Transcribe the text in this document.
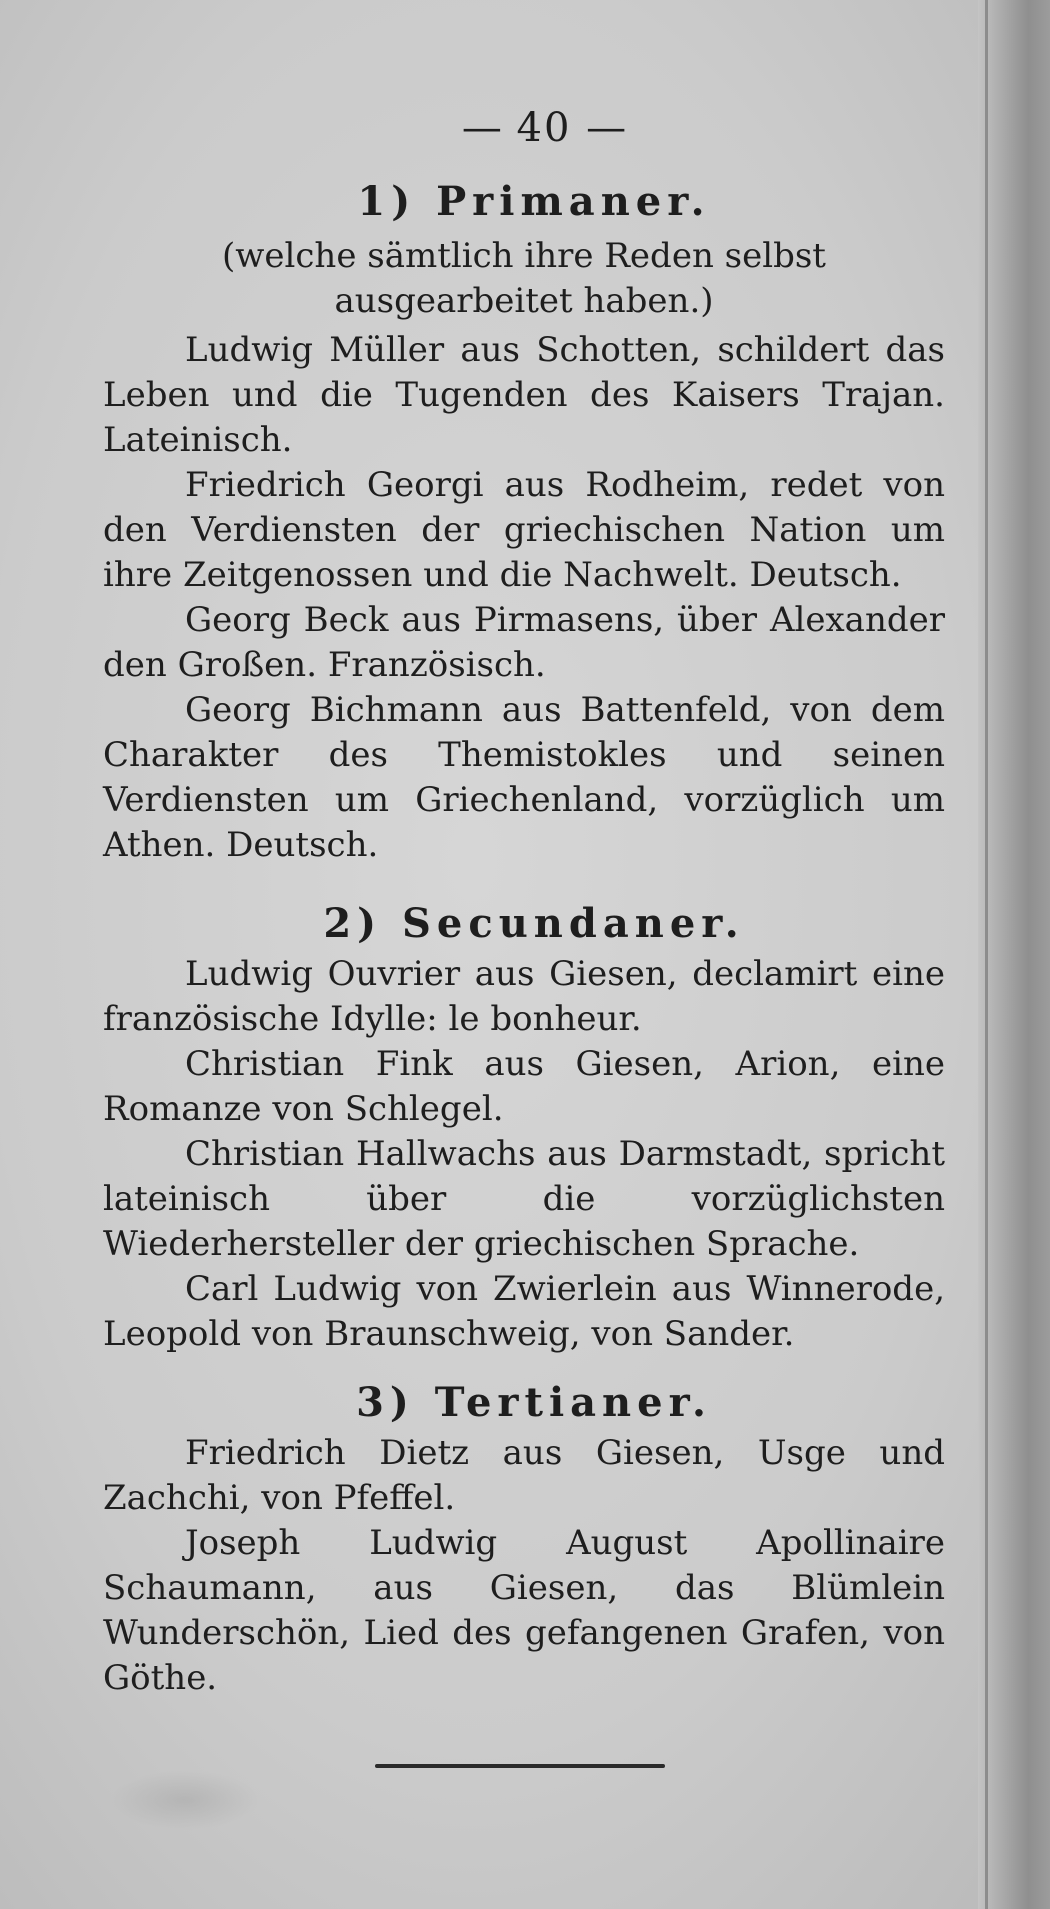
— 40 —
1) Primaner.
(welche sämtlich ihre Reden selbst ausgearbeitet haben.)

Ludwig Müller aus Schotten, schildert das Leben und die Tugenden des Kaisers Trajan. Lateinisch.

Friedrich Georgi aus Rodheim, redet von den Verdiensten der griechischen Nation um ihre Zeitgenossen und die Nachwelt. Deutsch.

Georg Beck aus Pirmasens, über Alexander den Großen. Französisch.

Georg Bichmann aus Battenfeld, von dem Charakter des Themistokles und seinen Verdiensten um Griechenland, vorzüglich um Athen. Deutsch.

2) Secundaner.

Ludwig Ouvrier aus Giesen, declamirt eine französische Idylle: le bonheur.

Christian Fink aus Giesen, Arion, eine Romanze von Schlegel.

Christian Hallwachs aus Darmstadt, spricht lateinisch über die vorzüglichsten Wiederhersteller der griechischen Sprache.

Carl Ludwig von Zwierlein aus Winnerode, Leopold von Braunschweig, von Sander.

3) Tertianer.

Friedrich Dietz aus Giesen, Usge und Zachchi, von Pfeffel.

Joseph Ludwig August Apollinaire Schaumann, aus Giesen, das Blümlein Wunderschön, Lied des gefangenen Grafen, von Göthe.
